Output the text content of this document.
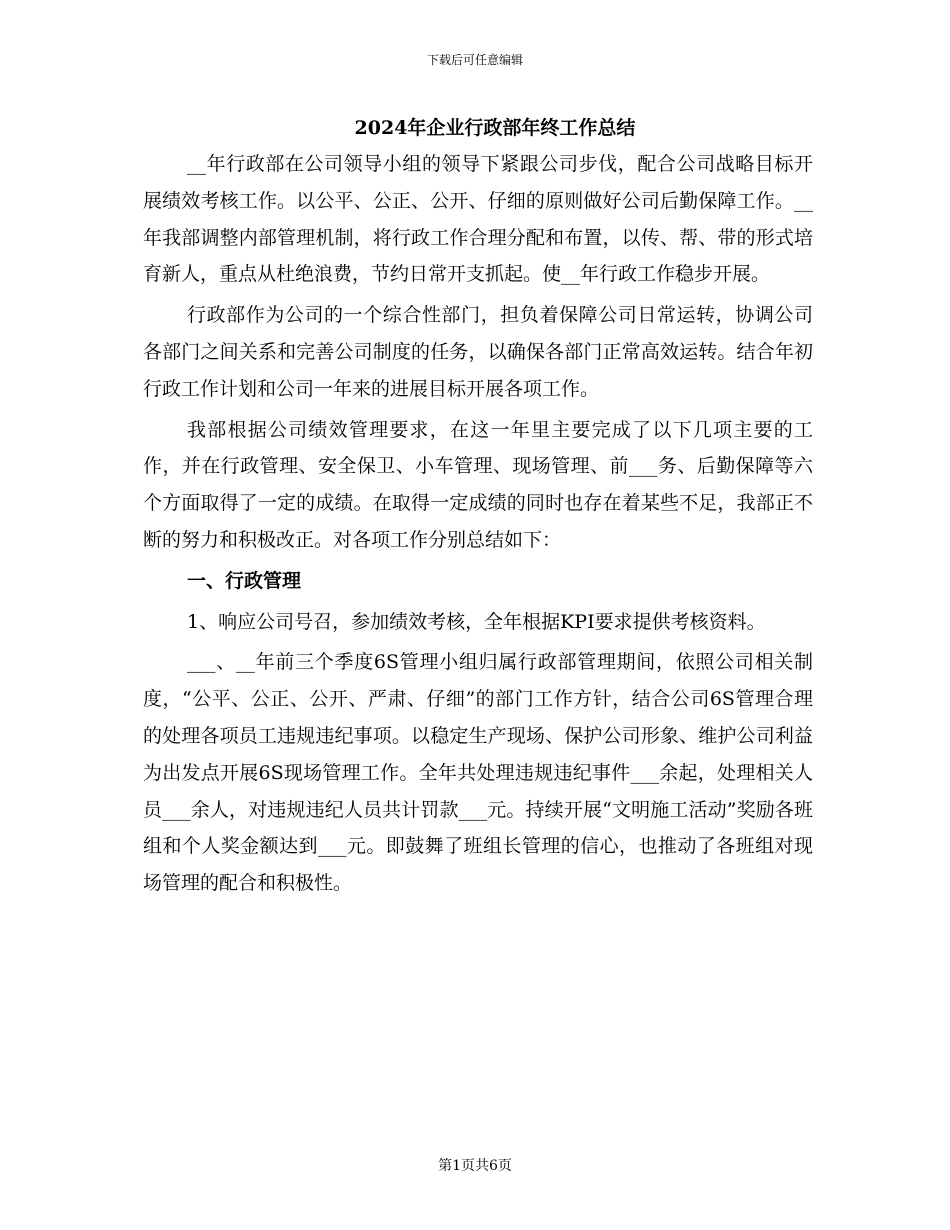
下载后可任意编辑
2024年企业行政部年终工作总结

__年行政部在公司领导小组的领导下紧跟公司步伐，配合公司战略目标开展绩效考核工作。以公平、公正、公开、仔细的原则做好公司后勤保障工作。__年我部调整内部管理机制，将行政工作合理分配和布置，以传、帮、带的形式培育新人，重点从杜绝浪费，节约日常开支抓起。使__年行政工作稳步开展。

行政部作为公司的一个综合性部门，担负着保障公司日常运转，协调公司各部门之间关系和完善公司制度的任务，以确保各部门正常高效运转。结合年初行政工作计划和公司一年来的进展目标开展各项工作。

我部根据公司绩效管理要求，在这一年里主要完成了以下几项主要的工作，并在行政管理、安全保卫、小车管理、现场管理、前___务、后勤保障等六个方面取得了一定的成绩。在取得一定成绩的同时也存在着某些不足，我部正不断的努力和积极改正。对各项工作分别总结如下：

一、行政管理

1、响应公司号召，参加绩效考核，全年根据KPI要求提供考核资料。

___、__年前三个季度6S管理小组归属行政部管理期间，依照公司相关制度，“公平、公正、公开、严肃、仔细”的部门工作方针，结合公司6S管理合理的处理各项员工违规违纪事项。以稳定生产现场、保护公司形象、维护公司利益为出发点开展6S现场管理工作。全年共处理违规违纪事件___余起，处理相关人员___余人，对违规违纪人员共计罚款___元。持续开展“文明施工活动”奖励各班组和个人奖金额达到___元。即鼓舞了班组长管理的信心，也推动了各班组对现场管理的配合和积极性。

第1页共6页
